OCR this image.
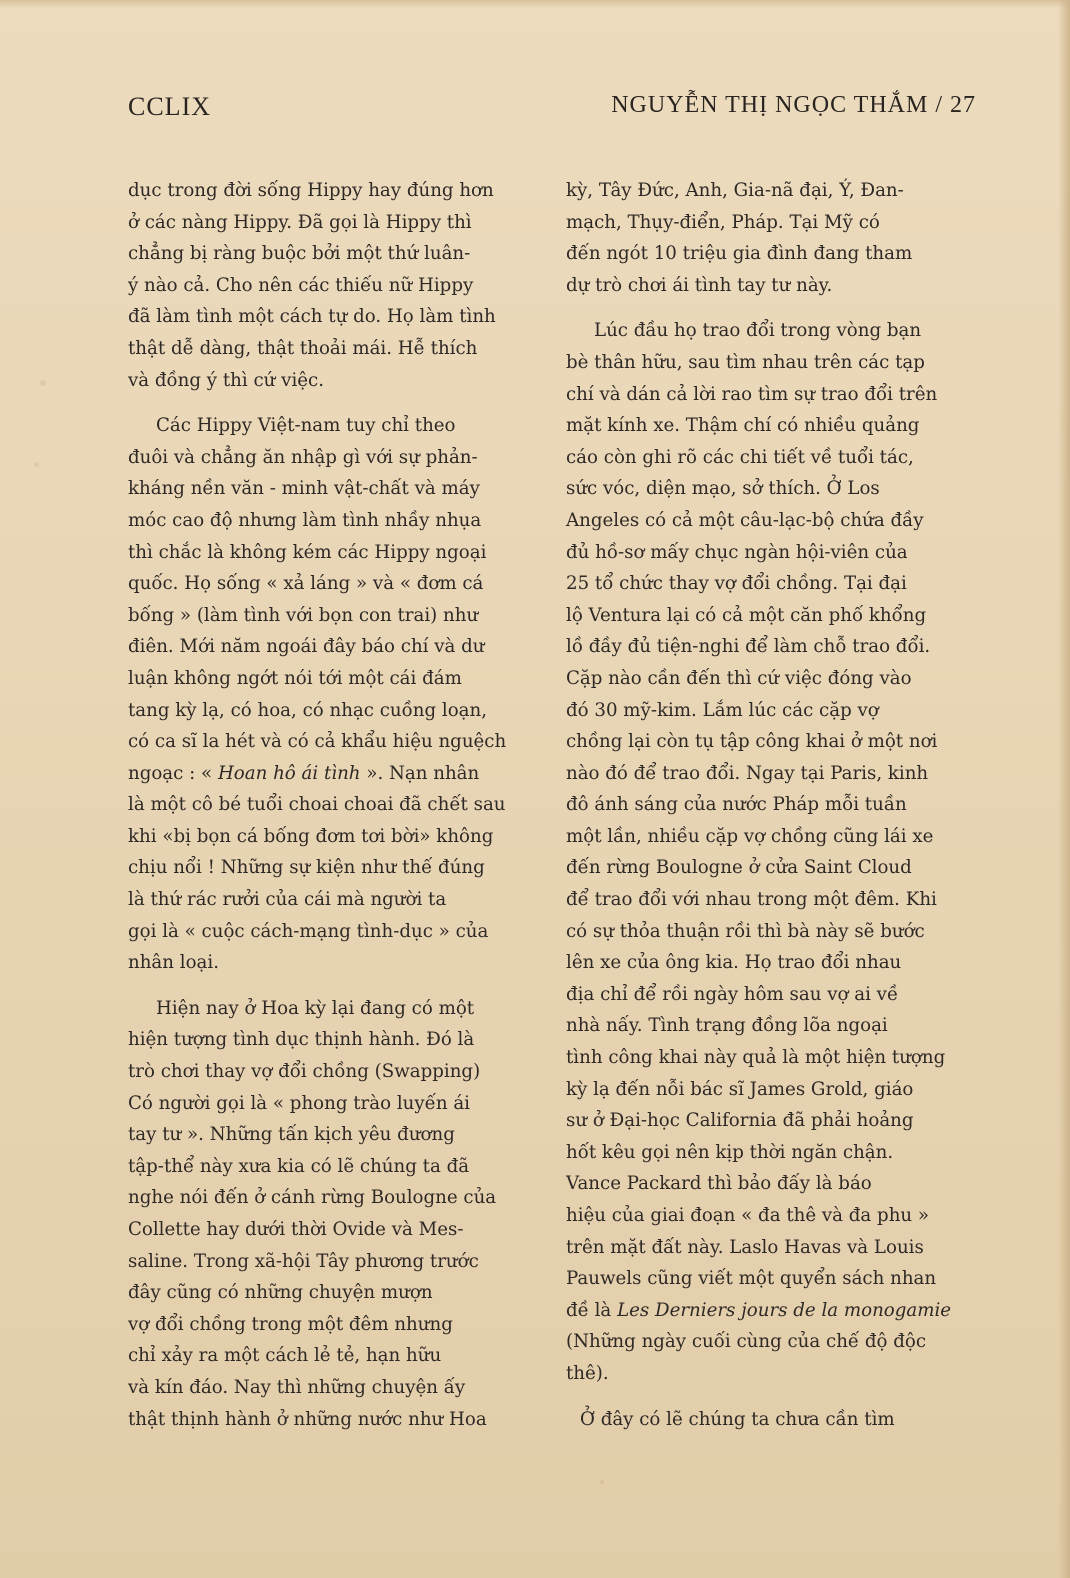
CCLIX	NGUYỄN THỊ NGỌC THẮM / 27
dục trong đời sống Hippy hay đúng hơn
ở các nàng Hippy. Đã gọi là Hippy thì
chẳng bị ràng buộc bởi một thứ luân-
ý nào cả. Cho nên các thiếu nữ Hippy
đã làm tình một cách tự do. Họ làm tình
thật dễ dàng, thật thoải mái. Hễ thích
và đồng ý thì cứ việc.
Các Hippy Việt-nam tuy chỉ theo
đuôi và chẳng ăn nhập gì với sự phản-
kháng nền văn - minh vật-chất và máy
móc cao độ nhưng làm tình nhầy nhụa
thì chắc là không kém các Hippy ngoại
quốc. Họ sống « xả láng » và « đơm cá
bống » (làm tình với bọn con trai) như
điên. Mới năm ngoái đây báo chí và dư
luận không ngớt nói tới một cái đám
tang kỳ lạ, có hoa, có nhạc cuồng loạn,
có ca sĩ la hét và có cả khẩu hiệu nguệch
ngoạc : « Hoan hô ái tình ». Nạn nhân
là một cô bé tuổi choai choai đã chết sau
khi «bị bọn cá bống đơm tơi bời» không
chịu nổi ! Những sự kiện như thế đúng
là thứ rác rưởi của cái mà người ta
gọi là « cuộc cách-mạng tình-dục » của
nhân loại.
Hiện nay ở Hoa kỳ lại đang có một
hiện tượng tình dục thịnh hành. Đó là
trò chơi thay vợ đổi chồng (Swapping)
Có người gọi là « phong trào luyến ái
tay tư ». Những tấn kịch yêu đương
tập-thể này xưa kia có lẽ chúng ta đã
nghe nói đến ở cánh rừng Boulogne của
Collette hay dưới thời Ovide và Mes-
saline. Trong xã-hội Tây phương trước
đây cũng có những chuyện mượn
vợ đổi chồng trong một đêm nhưng
chỉ xảy ra một cách lẻ tẻ, hạn hữu
và kín đáo. Nay thì những chuyện ấy
thật thịnh hành ở những nước như Hoa
kỳ, Tây Đức, Anh, Gia-nã đại, Ý, Đan-
mạch, Thụy-điển, Pháp. Tại Mỹ có
đến ngót 10 triệu gia đình đang tham
dự trò chơi ái tình tay tư này.
Lúc đầu họ trao đổi trong vòng bạn
bè thân hữu, sau tìm nhau trên các tạp
chí và dán cả lời rao tìm sự trao đổi trên
mặt kính xe. Thậm chí có nhiều quảng
cáo còn ghi rõ các chi tiết về tuổi tác,
sức vóc, diện mạo, sở thích. Ở Los
Angeles có cả một câu-lạc-bộ chứa đầy
đủ hồ-sơ mấy chục ngàn hội-viên của
25 tổ chức thay vợ đổi chồng. Tại đại
lộ Ventura lại có cả một căn phố khổng
lồ đầy đủ tiện-nghi để làm chỗ trao đổi.
Cặp nào cần đến thì cứ việc đóng vào
đó 30 mỹ-kim. Lắm lúc các cặp vợ
chồng lại còn tụ tập công khai ở một nơi
nào đó để trao đổi. Ngay tại Paris, kinh
đô ánh sáng của nước Pháp mỗi tuần
một lần, nhiều cặp vợ chồng cũng lái xe
đến rừng Boulogne ở cửa Saint Cloud
để trao đổi với nhau trong một đêm. Khi
có sự thỏa thuận rồi thì bà này sẽ bước
lên xe của ông kia. Họ trao đổi nhau
địa chỉ để rồi ngày hôm sau vợ ai về
nhà nấy. Tình trạng đồng lõa ngoại
tình công khai này quả là một hiện tượng
kỳ lạ đến nỗi bác sĩ James Grold, giáo
sư ở Đại-học California đã phải hoảng
hốt kêu gọi nên kịp thời ngăn chận.
Vance Packard thì bảo đấy là báo
hiệu của giai đoạn « đa thê và đa phu »
trên mặt đất này. Laslo Havas và Louis
Pauwels cũng viết một quyển sách nhan
đề là Les Derniers jours de la monogamie
(Những ngày cuối cùng của chế độ độc
thê).
Ở đây có lẽ chúng ta chưa cần tìm
